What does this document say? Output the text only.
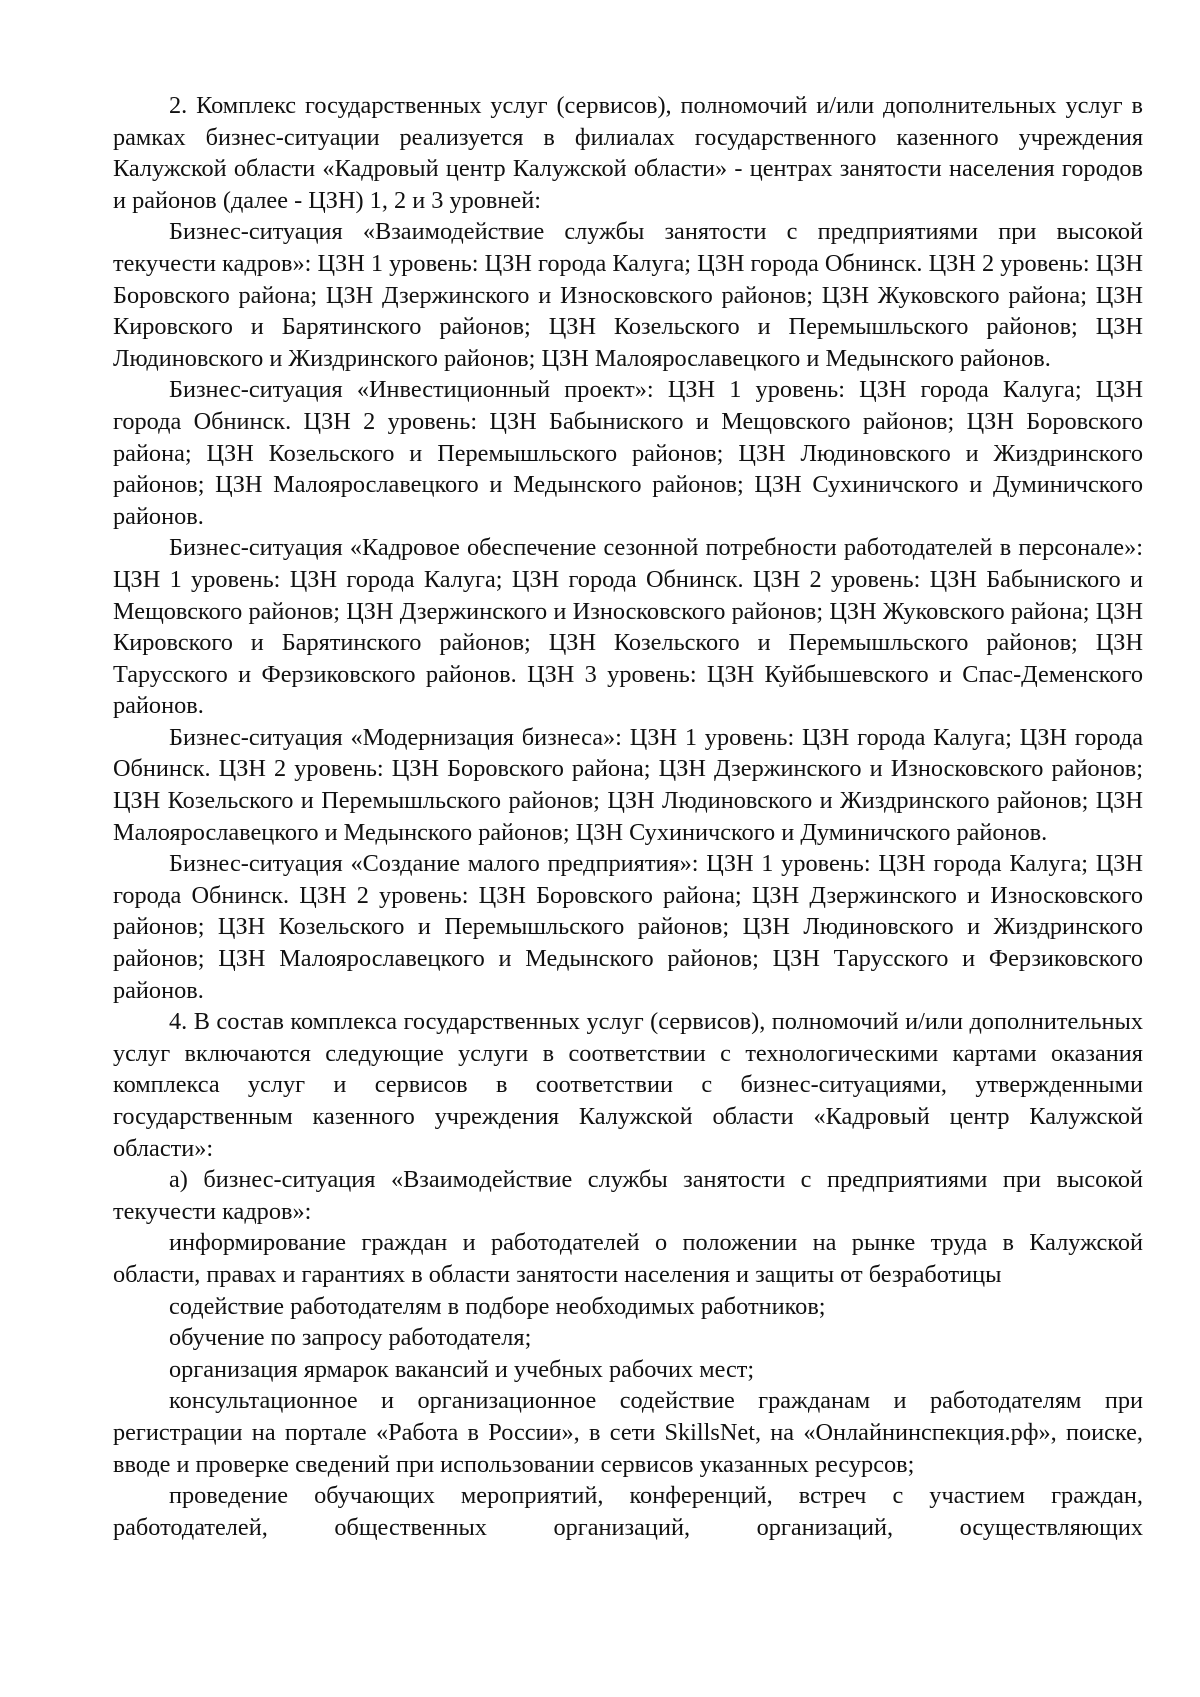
2. Комплекс государственных услуг (сервисов), полномочий и/или дополнительных услуг в рамках бизнес-ситуации реализуется в филиалах государственного казенного учреждения Калужской области «Кадровый центр Калужской области» - центрах занятости населения городов и районов (далее - ЦЗН) 1, 2 и 3 уровней:

Бизнес-ситуация «Взаимодействие службы занятости с предприятиями при высокой текучести кадров»: ЦЗН 1 уровень: ЦЗН города Калуга; ЦЗН города Обнинск. ЦЗН 2 уровень: ЦЗН Боровского района; ЦЗН Дзержинского и Износковского районов; ЦЗН Жуковского района; ЦЗН Кировского и Барятинского районов; ЦЗН Козельского и Перемышльского районов; ЦЗН Людиновского и Жиздринского районов; ЦЗН Малоярославецкого и Медынского районов.

Бизнес-ситуация «Инвестиционный проект»: ЦЗН 1 уровень: ЦЗН города Калуга; ЦЗН города Обнинск. ЦЗН 2 уровень: ЦЗН Бабыниского и Мещовского районов; ЦЗН Боровского района; ЦЗН Козельского и Перемышльского районов; ЦЗН Людиновского и Жиздринского районов; ЦЗН Малоярославецкого и Медынского районов; ЦЗН Сухиничского и Думиничского районов.

Бизнес-ситуация «Кадровое обеспечение сезонной потребности работодателей в персонале»: ЦЗН 1 уровень: ЦЗН города Калуга; ЦЗН города Обнинск. ЦЗН 2 уровень: ЦЗН Бабыниского и Мещовского районов; ЦЗН Дзержинского и Износковского районов; ЦЗН Жуковского района; ЦЗН Кировского и Барятинского районов; ЦЗН Козельского и Перемышльского районов; ЦЗН Тарусского и Ферзиковского районов. ЦЗН 3 уровень: ЦЗН Куйбышевского и Спас-Деменского районов.

Бизнес-ситуация «Модернизация бизнеса»: ЦЗН 1 уровень: ЦЗН города Калуга; ЦЗН города Обнинск. ЦЗН 2 уровень: ЦЗН Боровского района; ЦЗН Дзержинского и Износковского районов; ЦЗН Козельского и Перемышльского районов; ЦЗН Людиновского и Жиздринского районов; ЦЗН Малоярославецкого и Медынского районов; ЦЗН Сухиничского и Думиничского районов.

Бизнес-ситуация «Создание малого предприятия»: ЦЗН 1 уровень: ЦЗН города Калуга; ЦЗН города Обнинск. ЦЗН 2 уровень: ЦЗН Боровского района; ЦЗН Дзержинского и Износковского районов; ЦЗН Козельского и Перемышльского районов; ЦЗН Людиновского и Жиздринского районов; ЦЗН Малоярославецкого и Медынского районов; ЦЗН Тарусского и Ферзиковского районов.

4. В состав комплекса государственных услуг (сервисов), полномочий и/или дополнительных услуг включаются следующие услуги в соответствии с технологическими картами оказания комплекса услуг и сервисов в соответствии с бизнес-ситуациями, утвержденными государственным казенного учреждения Калужской области «Кадровый центр Калужской области»:

а) бизнес-ситуация «Взаимодействие службы занятости с предприятиями при высокой текучести кадров»:

информирование граждан и работодателей о положении на рынке труда в Калужской области, правах и гарантиях в области занятости населения и защиты от безработицы

содействие работодателям в подборе необходимых работников;

обучение по запросу работодателя;

организация ярмарок вакансий и учебных рабочих мест;

консультационное и организационное содействие гражданам и работодателям при регистрации на портале «Работа в России», в сети SkillsNet, на «Онлайнинспекция.рф», поиске, вводе и проверке сведений при использовании сервисов указанных ресурсов;

проведение обучающих мероприятий, конференций, встреч с участием граждан, работодателей, общественных организаций, организаций, осуществляющих
